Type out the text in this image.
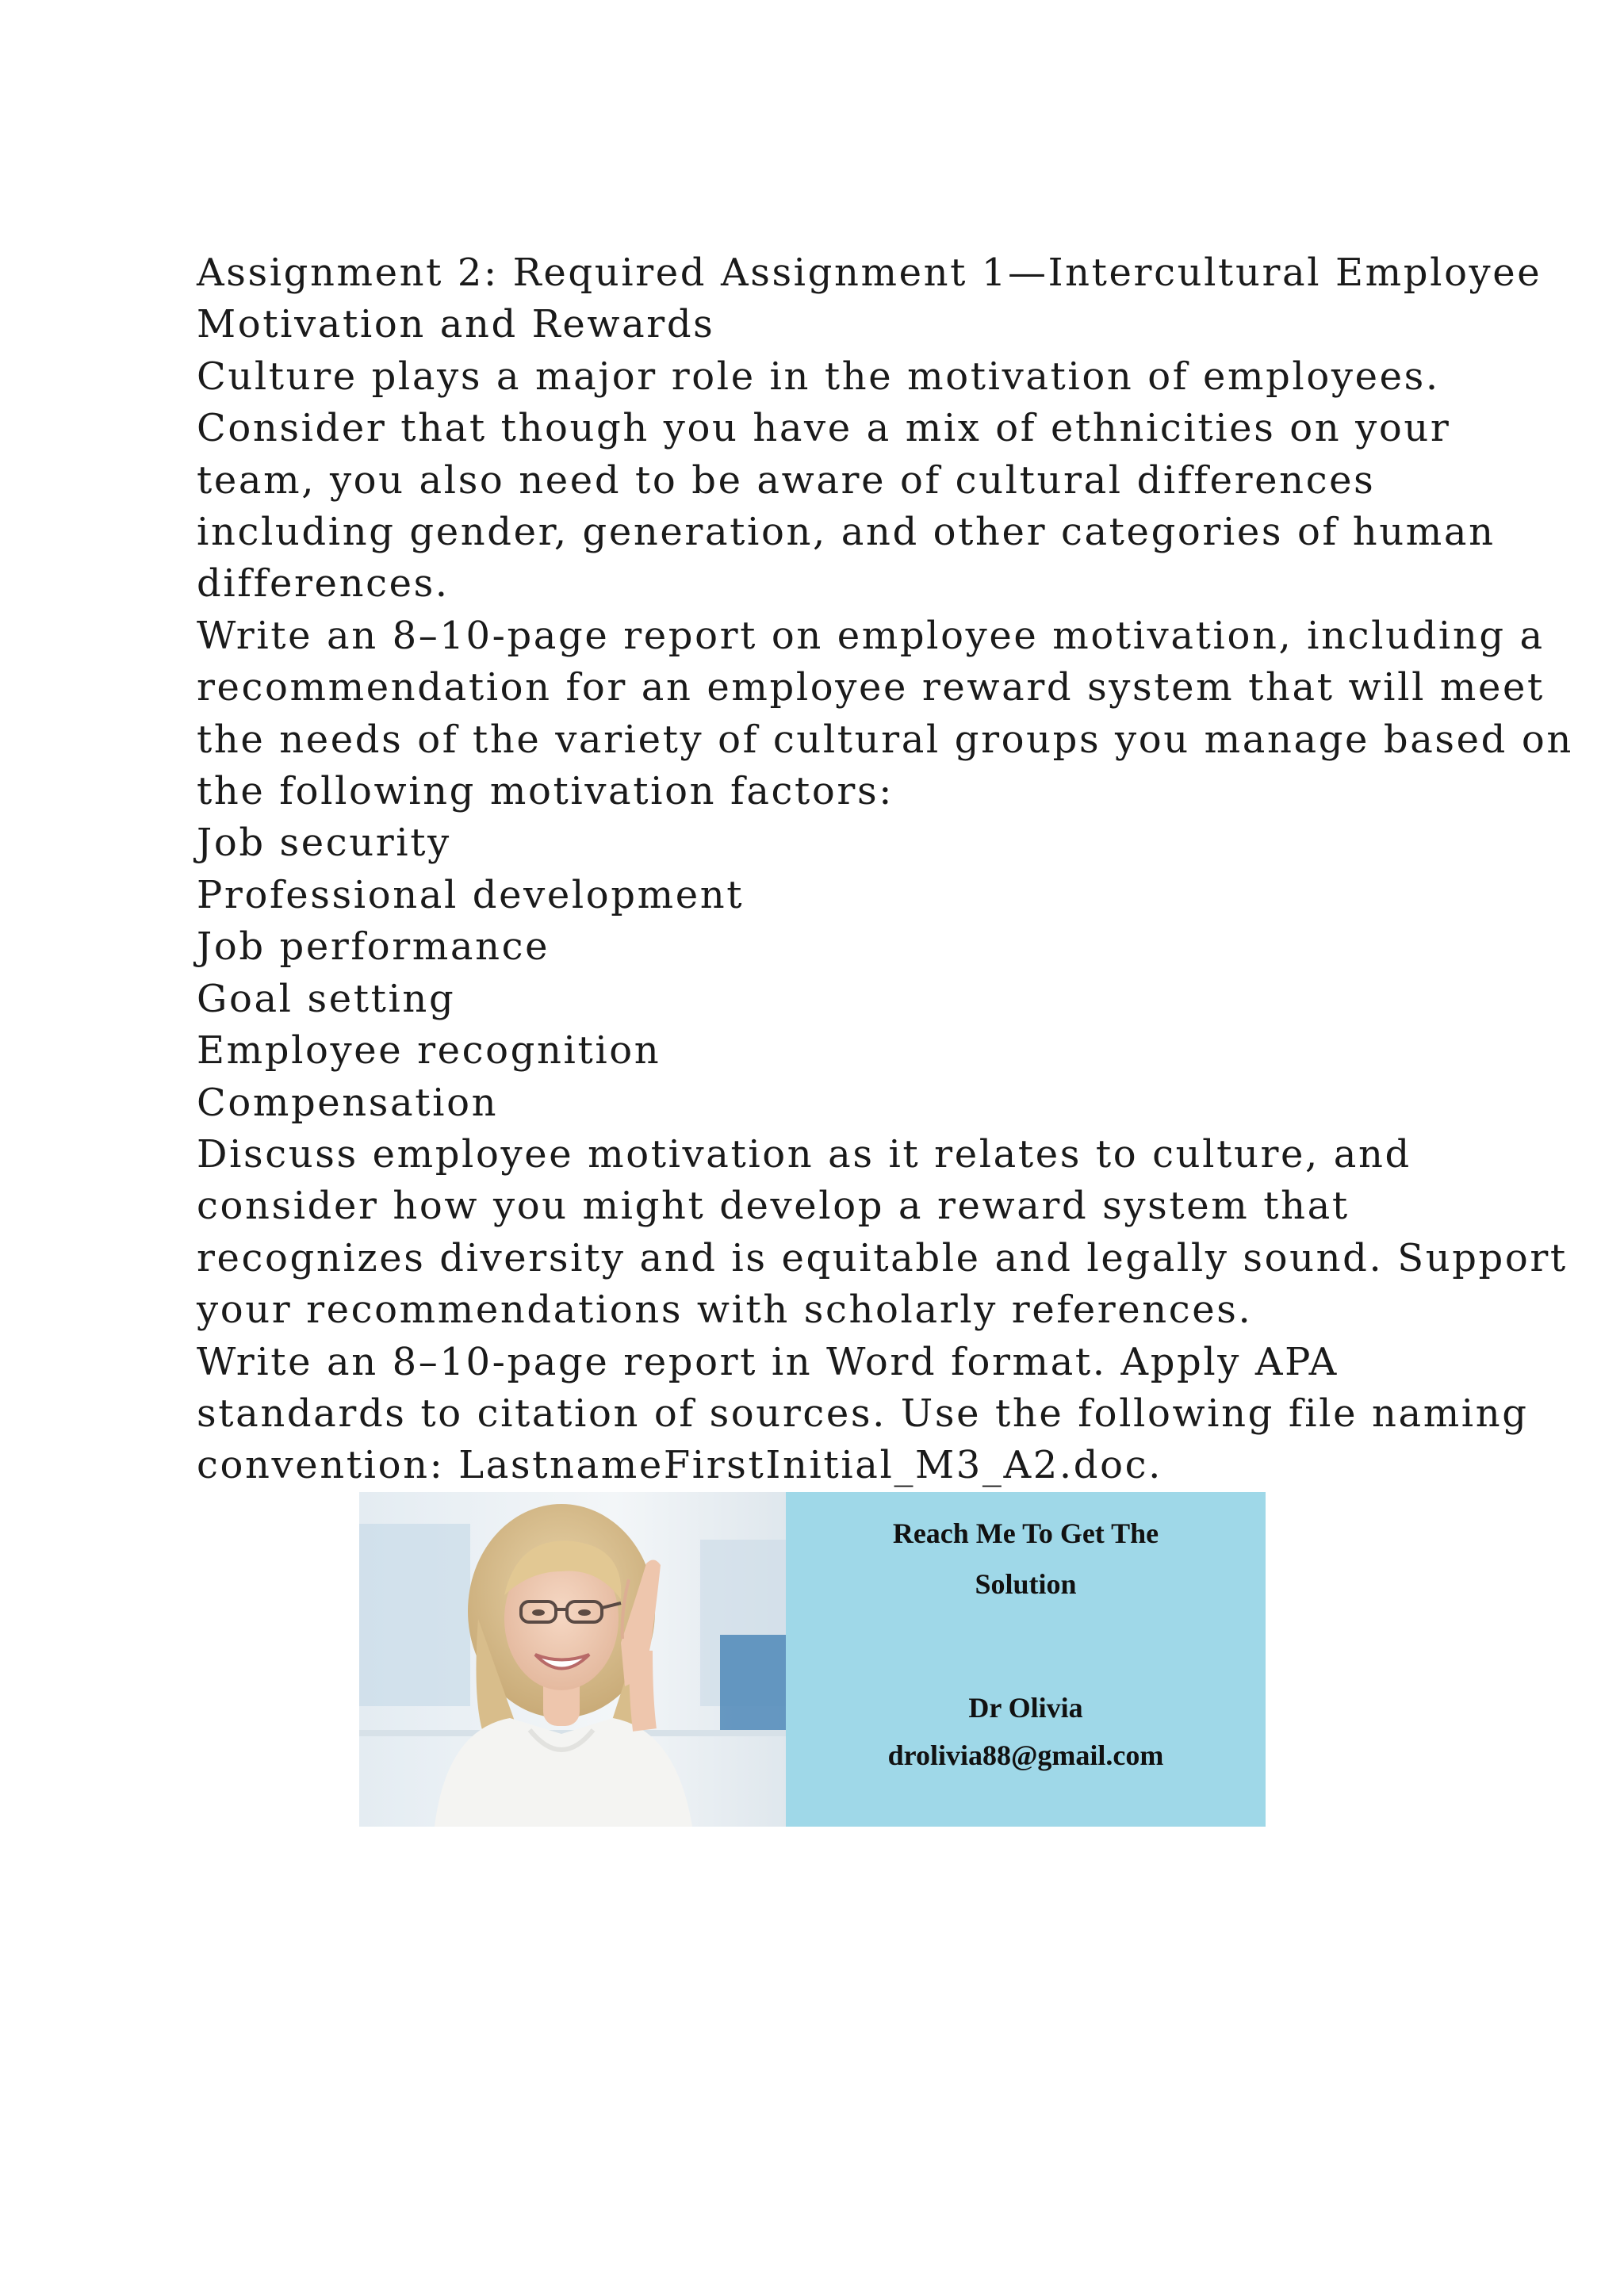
Assignment 2: Required Assignment 1—Intercultural Employee
Motivation and Rewards
Culture plays a major role in the motivation of employees.
Consider that though you have a mix of ethnicities on your
team, you also need to be aware of cultural differences
including gender, generation, and other categories of human
differences.
Write an 8–10-page report on employee motivation, including a
recommendation for an employee reward system that will meet
the needs of the variety of cultural groups you manage based on
the following motivation factors:
Job security
Professional development
Job performance
Goal setting
Employee recognition
Compensation
Discuss employee motivation as it relates to culture, and
consider how you might develop a reward system that
recognizes diversity and is equitable and legally sound. Support
your recommendations with scholarly references.
Write an 8–10-page report in Word format. Apply APA
standards to citation of sources. Use the following file naming
convention: LastnameFirstInitial_M3_A2.doc.
Reach Me To Get The
Solution
Dr Olivia
drolivia88@gmail.com
